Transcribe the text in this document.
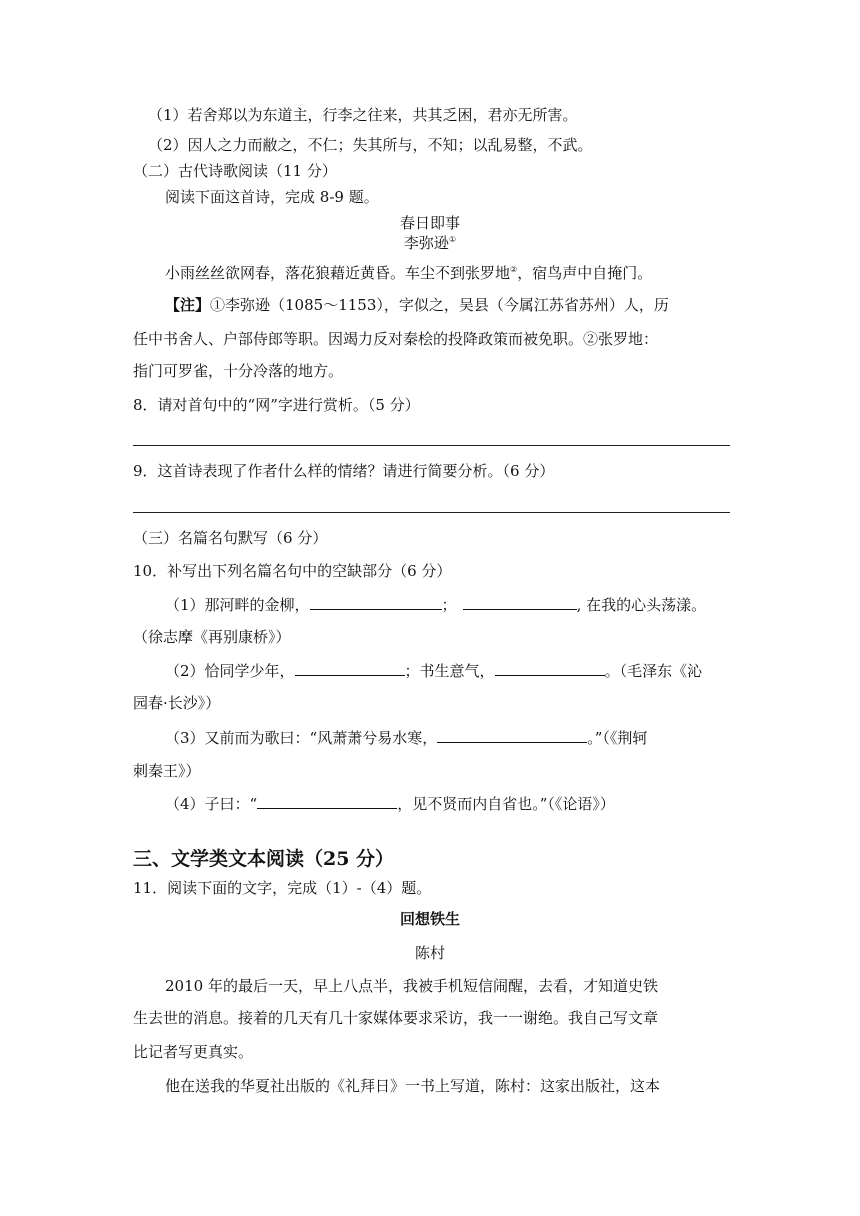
（1）若舍郑以为东道主，行李之往来，共其乏困，君亦无所害。
（2）因人之力而敝之，不仁；失其所与，不知；以乱易整，不武。
（二）古代诗歌阅读（11 分）
阅读下面这首诗，完成 8-9 题。
春日即事
李弥逊①
小雨丝丝欲网春，落花狼藉近黄昏。车尘不到张罗地②，宿鸟声中自掩门。
【注】①李弥逊（1085～1153），字似之，吴县（今属江苏省苏州）人，历
任中书舍人、户部侍郎等职。因竭力反对秦桧的投降政策而被免职。②张罗地：
指门可罗雀，十分冷落的地方。
8．请对首句中的“网”字进行赏析。（5 分）
9．这首诗表现了作者什么样的情绪？请进行简要分析。（6 分）
（三）名篇名句默写（6 分）
10．补写出下列名篇名句中的空缺部分（6 分）
（1）那河畔的金柳，	；	, 在我的心头荡漾。
（徐志摩《再别康桥》）
（2）恰同学少年，	；书生意气，	。（毛泽东《沁
园春·长沙》）
（3）又前而为歌曰：“风萧萧兮易水寒，	。”（《荆轲
刺秦王》）
（4）子曰：“	，见不贤而内自省也。”（《论语》）
三、文学类文本阅读（25 分）
11．阅读下面的文字，完成（1）-（4）题。
回想铁生
陈村
2010 年的最后一天，早上八点半，我被手机短信闹醒，去看，才知道史铁
生去世的消息。接着的几天有几十家媒体要求采访，我一一谢绝。我自己写文章
比记者写更真实。
他在送我的华夏社出版的《礼拜日》一书上写道，陈村：这家出版社，这本
